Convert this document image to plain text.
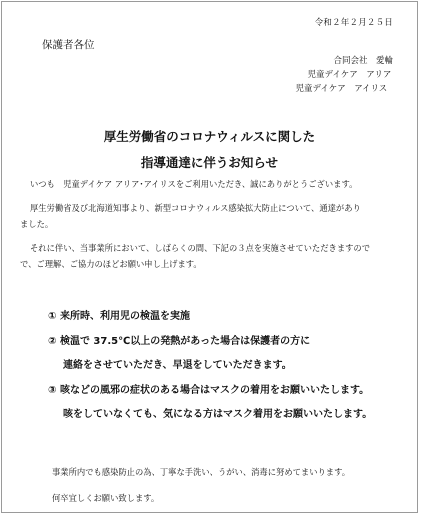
令和２年２月２５日
保護者各位
合同会社　愛輪
児童デイケア　アリア
児童デイケア　アイリス
厚生労働省のコロナウィルスに関した
指導通達に伴うお知らせ
いつも　児童デイケア アリア･アイリスをご利用いただき、誠にありがとうございます。
厚生労働省及び北海道知事より、新型コロナウィルス感染拡大防止について、通達があり
ました。
それに伴い、当事業所において、しばらくの間、下記の３点を実施させていただきますので
で、ご理解、ご協力のほどお願い申し上げます。
① 来所時、利用児の検温を実施
② 検温で 37.5℃以上の発熱があった場合は保護者の方に
連絡をさせていただき、早退をしていただきます。
③ 咳などの風邪の症状のある場合はマスクの着用をお願いいたします。
咳をしていなくても、気になる方はマスク着用をお願いいたします。
事業所内でも感染防止の為、丁寧な手洗い、うがい、消毒に努めてまいります。
何卒宜しくお願い致します。
